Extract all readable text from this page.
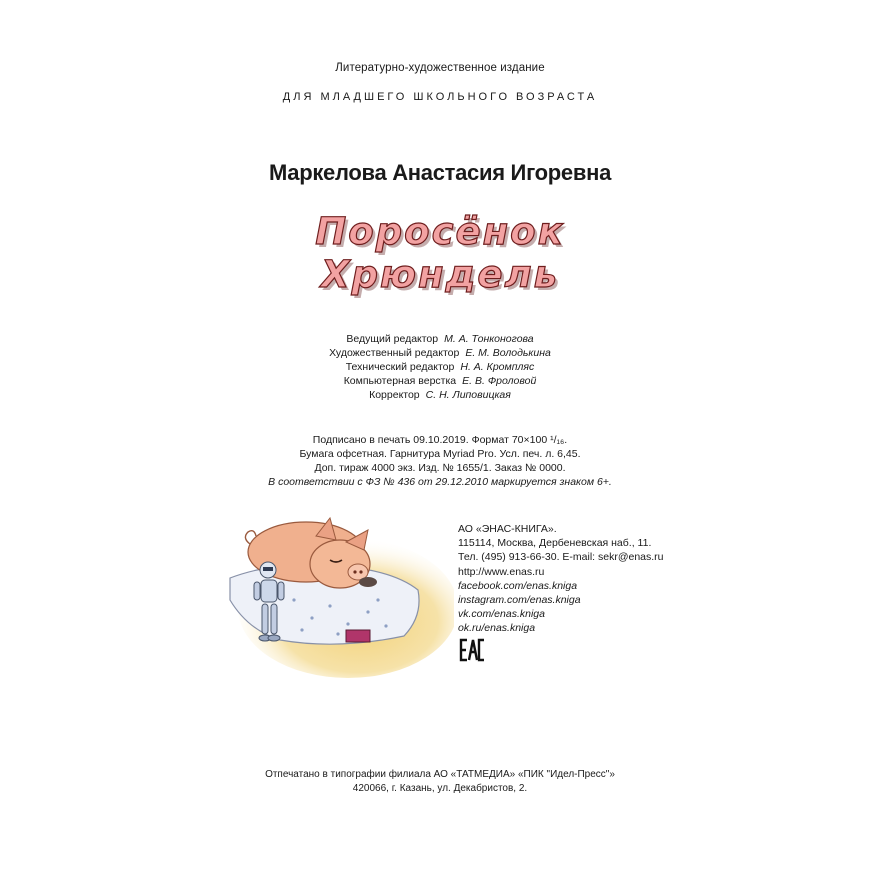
Литературно-художественное издание
ДЛЯ МЛАДШЕГО ШКОЛЬНОГО ВОЗРАСТА
Маркелова Анастасия Игоревна
Поросёнок
Хрюндель
Ведущий редактор М. А. Тонконогова
Художественный редактор Е. М. Володькина
Технический редактор Н. А. Кромпляс
Компьютерная верстка Е. В. Фроловой
Корректор С. Н. Липовицкая
Подписано в печать 09.10.2019. Формат 70×100 ¹/₁₆.
Бумага офсетная. Гарнитура Myriad Pro. Усл. печ. л. 6,45.
Доп. тираж 4000 экз. Изд. № 1655/1. Заказ № 0000.
В соответствии с ФЗ № 436 от 29.12.2010 маркируется знаком 6+.
АО «ЭНАС-КНИГА».
115114, Москва, Дербеневская наб., 11.
Тел. (495) 913-66-30. E-mail: sekr@enas.ru
http://www.enas.ru
facebook.com/enas.kniga
instagram.com/enas.kniga
vk.com/enas.kniga
ok.ru/enas.kniga
Отпечатано в типографии филиала АО «ТАТМЕДИА» «ПИК "Идел-Пресс"»
420066, г. Казань, ул. Декабристов, 2.
